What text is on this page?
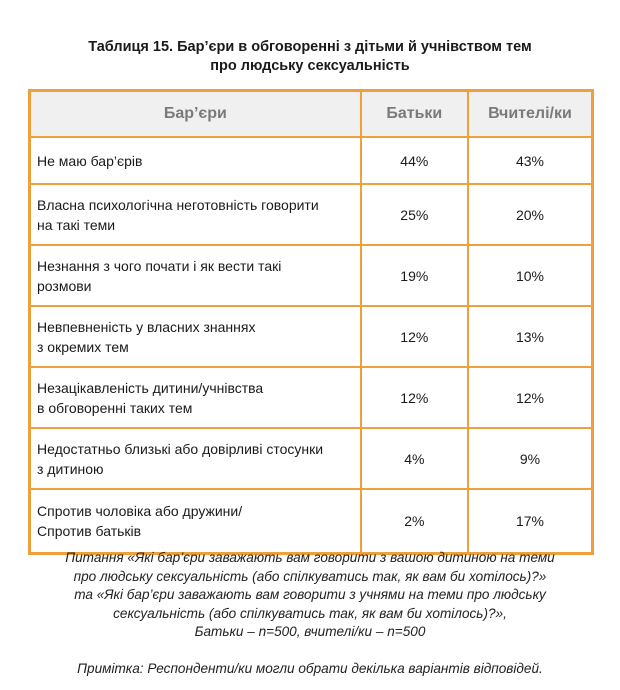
Таблиця 15. Бар’єри в обговоренні з дітьми й учнівством тем
про людську сексуальність
Бар’єри	Батьки	Вчителі/ки

Не маю бар’єрів	44%	43%

Власна психологічна неготовність говорити
на такі теми	25%	20%

Незнання з чого почати і як вести такі
розмови	19%	10%

Невпевненість у власних знаннях
з окремих тем	12%	13%

Незацікавленість дитини/учнівства
в обговоренні таких тем	12%	12%

Недостатньо близькі або довірливі стосунки
з дитиною	4%	9%

Спротив чоловіка або дружини/
Спротив батьків	2%	17%
Питання «Які бар’єри заважають вам говорити з вашою дитиною на теми
про людську сексуальність (або спілкуватись так, як вам би хотілось)?»
та «Які бар’єри заважають вам говорити з учнями на теми про людську
сексуальність (або спілкуватись так, як вам би хотілось)?»,
Батьки – n=500, вчителі/ки – n=500
Примітка: Респонденти/ки могли обрати декілька варіантів відповідей.
